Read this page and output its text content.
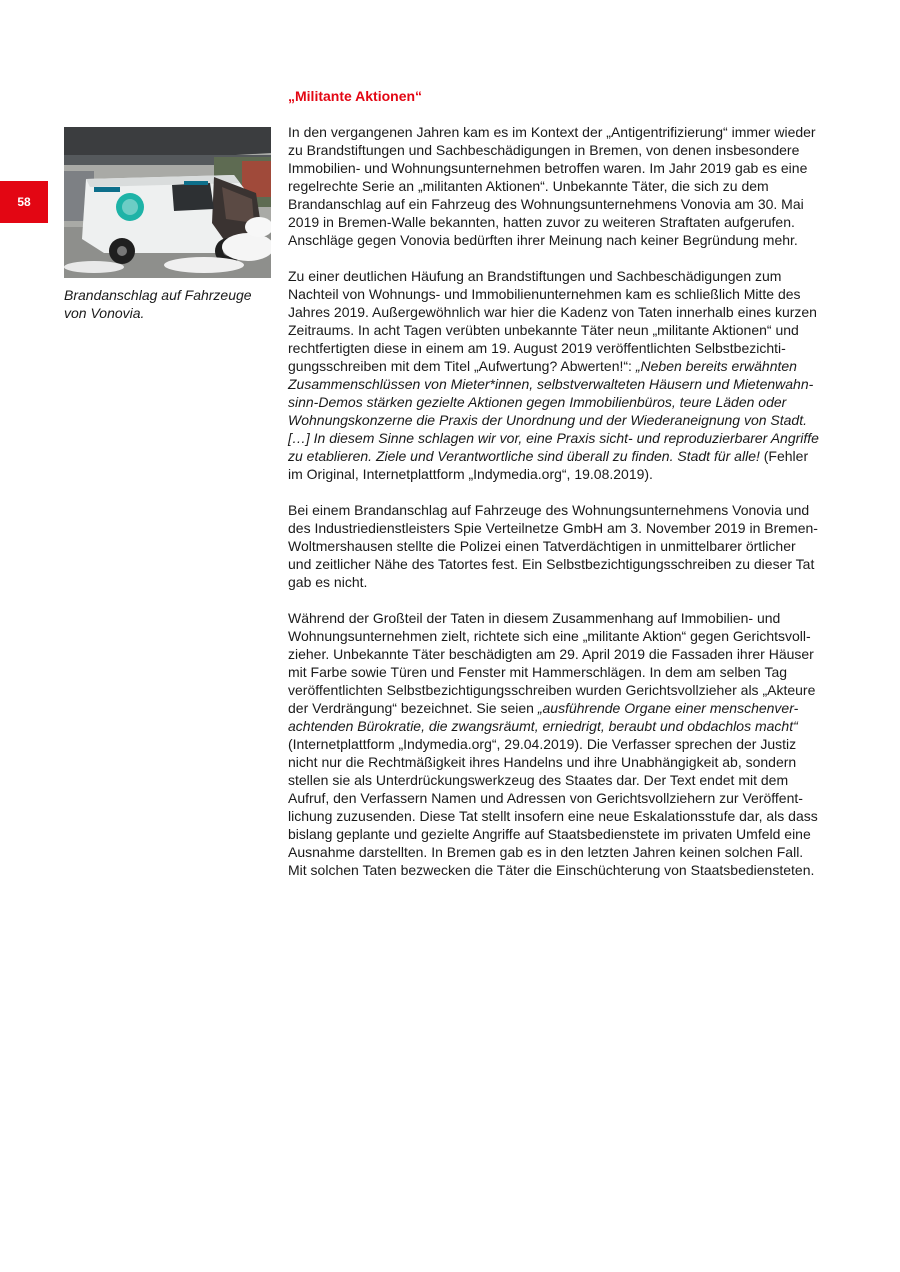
58
Brandanschlag auf Fahrzeuge
von Vonovia.
„Militante Aktionen“
In den vergangenen Jahren kam es im Kontext der „Antigentrifizierung“ immer wieder
zu Brandstiftungen und Sachbeschädigungen in Bremen, von denen insbesondere
Immobilien- und Wohnungsunternehmen betroffen waren. Im Jahr 2019 gab es eine
regelrechte Serie an „militanten Aktionen“. Unbekannte Täter, die sich zu dem
Brandanschlag auf ein Fahrzeug des Wohnungsunternehmens Vonovia am 30. Mai
2019 in Bremen-Walle bekannten, hatten zuvor zu weiteren Straftaten aufgerufen.
Anschläge gegen Vonovia bedürften ihrer Meinung nach keiner Begründung mehr.
Zu einer deutlichen Häufung an Brandstiftungen und Sachbeschädigungen zum
Nachteil von Wohnungs- und Immobilienunternehmen kam es schließlich Mitte des
Jahres 2019. Außergewöhnlich war hier die Kadenz von Taten innerhalb eines kurzen
Zeitraums. In acht Tagen verübten unbekannte Täter neun „militante Aktionen“ und
rechtfertigten diese in einem am 19. August 2019 veröffentlichten Selbstbezichti-
gungsschreiben mit dem Titel „Aufwertung? Abwerten!“: „Neben bereits erwähnten
Zusammenschlüssen von Mieter*innen, selbstverwalteten Häusern und Mietenwahn-
sinn-Demos stärken gezielte Aktionen gegen Immobilienbüros, teure Läden oder
Wohnungskonzerne die Praxis der Unordnung und der Wiederaneignung von Stadt.
[…] In diesem Sinne schlagen wir vor, eine Praxis sicht- und reproduzierbarer Angriffe
zu etablieren. Ziele und Verantwortliche sind überall zu finden. Stadt für alle! (Fehler
im Original, Internetplattform „Indymedia.org“, 19.08.2019).
Bei einem Brandanschlag auf Fahrzeuge des Wohnungsunternehmens Vonovia und
des Industriedienstleisters Spie Verteilnetze GmbH am 3. November 2019 in Bremen-
Woltmershausen stellte die Polizei einen Tatverdächtigen in unmittelbarer örtlicher
und zeitlicher Nähe des Tatortes fest. Ein Selbstbezichtigungsschreiben zu dieser Tat
gab es nicht.
Während der Großteil der Taten in diesem Zusammenhang auf Immobilien- und
Wohnungsunternehmen zielt, richtete sich eine „militante Aktion“ gegen Gerichtsvoll-
zieher. Unbekannte Täter beschädigten am 29. April 2019 die Fassaden ihrer Häuser
mit Farbe sowie Türen und Fenster mit Hammerschlägen. In dem am selben Tag
veröffentlichten Selbstbezichtigungsschreiben wurden Gerichtsvollzieher als „Akteure
der Verdrängung“ bezeichnet. Sie seien „ausführende Organe einer menschenver-
achtenden Bürokratie, die zwangsräumt, erniedrigt, beraubt und obdachlos macht“
(Internetplattform „Indymedia.org“, 29.04.2019). Die Verfasser sprechen der Justiz
nicht nur die Rechtmäßigkeit ihres Handelns und ihre Unabhängigkeit ab, sondern
stellen sie als Unterdrückungswerkzeug des Staates dar. Der Text endet mit dem
Aufruf, den Verfassern Namen und Adressen von Gerichtsvollziehern zur Veröffent-
lichung zuzusenden. Diese Tat stellt insofern eine neue Eskalationsstufe dar, als dass
bislang geplante und gezielte Angriffe auf Staatsbedienstete im privaten Umfeld eine
Ausnahme darstellten. In Bremen gab es in den letzten Jahren keinen solchen Fall.
Mit solchen Taten bezwecken die Täter die Einschüchterung von Staatsbediensteten.
